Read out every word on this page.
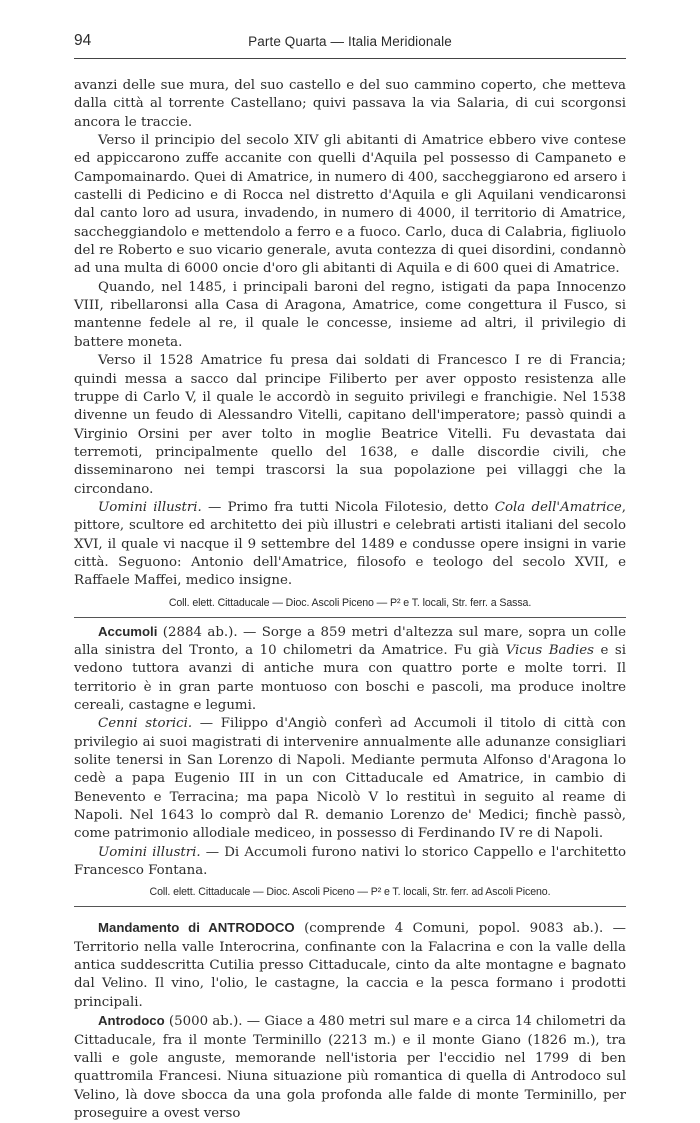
94	Parte Quarta — Italia Meridionale

avanzi delle sue mura, del suo castello e del suo cammino coperto, che metteva dalla città al torrente Castellano; quivi passava la via Salaria, di cui scorgonsi ancora le traccie.

Verso il principio del secolo XIV gli abitanti di Amatrice ebbero vive contese ed appiccarono zuffe accanite con quelli d'Aquila pel possesso di Campaneto e Campomainardo. Quei di Amatrice, in numero di 400, saccheggiarono ed arsero i castelli di Pedicino e di Rocca nel distretto d'Aquila e gli Aquilani vendicaronsi dal canto loro ad usura, invadendo, in numero di 4000, il territorio di Amatrice, saccheggiandolo e mettendolo a ferro e a fuoco. Carlo, duca di Calabria, figliuolo del re Roberto e suo vicario generale, avuta contezza di quei disordini, condannò ad una multa di 6000 oncie d'oro gli abitanti di Aquila e di 600 quei di Amatrice.

Quando, nel 1485, i principali baroni del regno, istigati da papa Innocenzo VIII, ribellaronsi alla Casa di Aragona, Amatrice, come congettura il Fusco, si mantenne fedele al re, il quale le concesse, insieme ad altri, il privilegio di battere moneta.

Verso il 1528 Amatrice fu presa dai soldati di Francesco I re di Francia; quindi messa a sacco dal principe Filiberto per aver opposto resistenza alle truppe di Carlo V, il quale le accordò in seguito privilegi e franchigie. Nel 1538 divenne un feudo di Alessandro Vitelli, capitano dell'imperatore; passò quindi a Virginio Orsini per aver tolto in moglie Beatrice Vitelli. Fu devastata dai terremoti, principalmente quello del 1638, e dalle discordie civili, che disseminarono nei tempi trascorsi la sua popolazione pei villaggi che la circondano.

Uomini illustri. — Primo fra tutti Nicola Filotesio, detto Cola dell'Amatrice, pittore, scultore ed architetto dei più illustri e celebrati artisti italiani del secolo XVI, il quale vi nacque il 9 settembre del 1489 e condusse opere insigni in varie città. Seguono: Antonio dell'Amatrice, filosofo e teologo del secolo XVII, e Raffaele Maffei, medico insigne.

Coll. elett. Cittaducale — Dioc. Ascoli Piceno — P² e T. locali, Str. ferr. a Sassa.

Accumoli (2884 ab.). — Sorge a 859 metri d'altezza sul mare, sopra un colle alla sinistra del Tronto, a 10 chilometri da Amatrice. Fu già Vicus Badies e si vedono tuttora avanzi di antiche mura con quattro porte e molte torri. Il territorio è in gran parte montuoso con boschi e pascoli, ma produce inoltre cereali, castagne e legumi.

Cenni storici. — Filippo d'Angiò conferì ad Accumoli il titolo di città con privilegio ai suoi magistrati di intervenire annualmente alle adunanze consigliari solite tenersi in San Lorenzo di Napoli. Mediante permuta Alfonso d'Aragona lo cedè a papa Eugenio III in un con Cittaducale ed Amatrice, in cambio di Benevento e Terracina; ma papa Nicolò V lo restituì in seguito al reame di Napoli. Nel 1643 lo comprò dal R. demanio Lorenzo de' Medici; finchè passò, come patrimonio allodiale mediceo, in possesso di Ferdinando IV re di Napoli.

Uomini illustri. — Di Accumoli furono nativi lo storico Cappello e l'architetto Francesco Fontana.

Coll. elett. Cittaducale — Dioc. Ascoli Piceno — P² e T. locali, Str. ferr. ad Ascoli Piceno.

Mandamento di ANTRODOCO (comprende 4 Comuni, popol. 9083 ab.). — Territorio nella valle Interocrina, confinante con la Falacrina e con la valle della antica suddescritta Cutilia presso Cittaducale, cinto da alte montagne e bagnato dal Velino. Il vino, l'olio, le castagne, la caccia e la pesca formano i prodotti principali.

Antrodoco (5000 ab.). — Giace a 480 metri sul mare e a circa 14 chilometri da Cittaducale, fra il monte Terminillo (2213 m.) e il monte Giano (1826 m.), tra valli e gole anguste, memorande nell'istoria per l'eccidio nel 1799 di ben quattromila Francesi. Niuna situazione più romantica di quella di Antrodoco sul Velino, là dove sbocca da una gola profonda alle falde di monte Terminillo, per proseguire a ovest verso
